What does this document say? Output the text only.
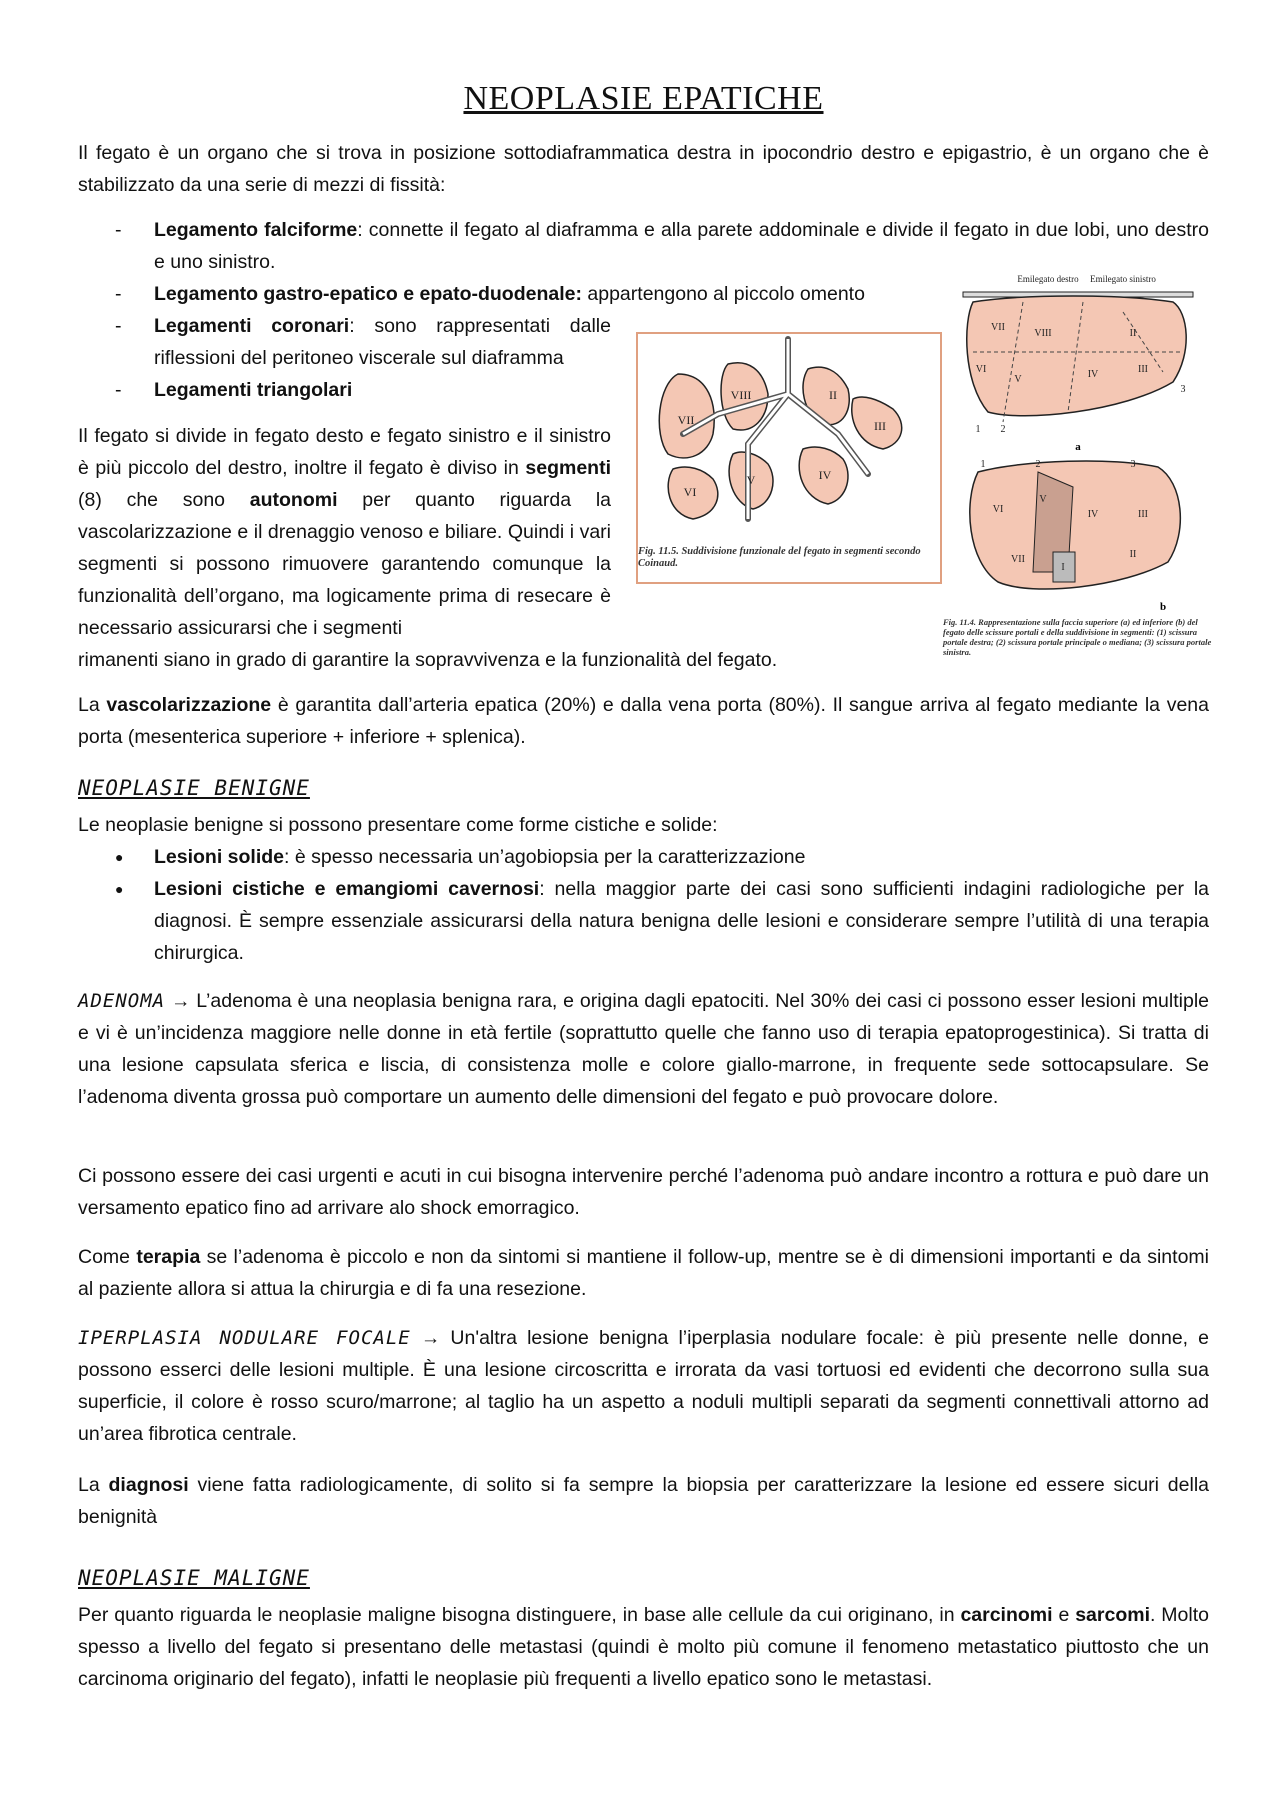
NEOPLASIE EPATICHE

Il fegato è un organo che si trova in posizione sottodiaframmatica destra in ipocondrio destro e epigastrio, è un organo che è stabilizzato da una serie di mezzi di fissità:

- Legamento falciforme: connette il fegato al diaframma e alla parete addominale e divide il fegato in due lobi, uno destro e uno sinistro.
- Legamento gastro-epatico e epato-duodenale: appartengono al piccolo omento
- Legamenti coronari: sono rappresentati dalle riflessioni del peritoneo viscerale sul diaframma
- Legamenti triangolari

Il fegato si divide in fegato desto e fegato sinistro e il sinistro è più piccolo del destro, inoltre il fegato è diviso in segmenti (8) che sono autonomi per quanto riguarda la vascolarizzazione e il drenaggio venoso e biliare. Quindi i vari segmenti si possono rimuovere garantendo comunque la funzionalità dell’organo, ma logicamente prima di resecare è necessario assicurarsi che i segmenti

rimanenti siano in grado di garantire la sopravvivenza e la funzionalità del fegato.

VIII
VII
II
III
VI
V	IV
Fig. 11.5. Suddivisione funzionale del fegato in segmenti secondo Coinaud.
Emilegato destro Emilegato sinistro
VII
VIII	II
VI
V	IV	III
1 2
3
a
VI
V
IV	III
VII	II
I
1	2	3
b
Fig. 11.4. Rappresentazione sulla faccia superiore (a) ed inferiore (b) del fegato delle scissure portali e della suddivisione in segmenti: (1) scissura portale destra; (2) scissura portale principale o mediana; (3) scissura portale sinistra.

La vascolarizzazione è garantita dall’arteria epatica (20%) e dalla vena porta (80%). Il sangue arriva al fegato mediante la vena porta (mesenterica superiore + inferiore + splenica).

NEOPLASIE BENIGNE

Le neoplasie benigne si possono presentare come forme cistiche e solide:

● Lesioni solide: è spesso necessaria un’agobiopsia per la caratterizzazione
● Lesioni cistiche e emangiomi cavernosi: nella maggior parte dei casi sono sufficienti indagini radiologiche per la diagnosi. È sempre essenziale assicurarsi della natura benigna delle lesioni e considerare sempre l’utilità di una terapia chirurgica.

ADENOMA → L’adenoma è una neoplasia benigna rara, e origina dagli epatociti. Nel 30% dei casi ci possono esser lesioni multiple e vi è un’incidenza maggiore nelle donne in età fertile (soprattutto quelle che fanno uso di terapia epatoprogestinica). Si tratta di una lesione capsulata sferica e liscia, di consistenza molle e colore giallo-marrone, in frequente sede sottocapsulare. Se l’adenoma diventa grossa può comportare un aumento delle dimensioni del fegato e può provocare dolore.

Ci possono essere dei casi urgenti e acuti in cui bisogna intervenire perché l’adenoma può andare incontro a rottura e può dare un versamento epatico fino ad arrivare alo shock emorragico.

Come terapia se l’adenoma è piccolo e non da sintomi si mantiene il follow-up, mentre se è di dimensioni importanti e da sintomi al paziente allora si attua la chirurgia e di fa una resezione.

IPERPLASIA NODULARE FOCALE → Un'altra lesione benigna l’iperplasia nodulare focale: è più presente nelle donne, e possono esserci delle lesioni multiple. È una lesione circoscritta e irrorata da vasi tortuosi ed evidenti che decorrono sulla sua superficie, il colore è rosso scuro/marrone; al taglio ha un aspetto a noduli multipli separati da segmenti connettivali attorno ad un’area fibrotica centrale.

La diagnosi viene fatta radiologicamente, di solito si fa sempre la biopsia per caratterizzare la lesione ed essere sicuri della benignità

NEOPLASIE MALIGNE

Per quanto riguarda le neoplasie maligne bisogna distinguere, in base alle cellule da cui originano, in carcinomi e sarcomi. Molto spesso a livello del fegato si presentano delle metastasi (quindi è molto più comune il fenomeno metastatico piuttosto che un carcinoma originario del fegato), infatti le neoplasie più frequenti a livello epatico sono le metastasi.
